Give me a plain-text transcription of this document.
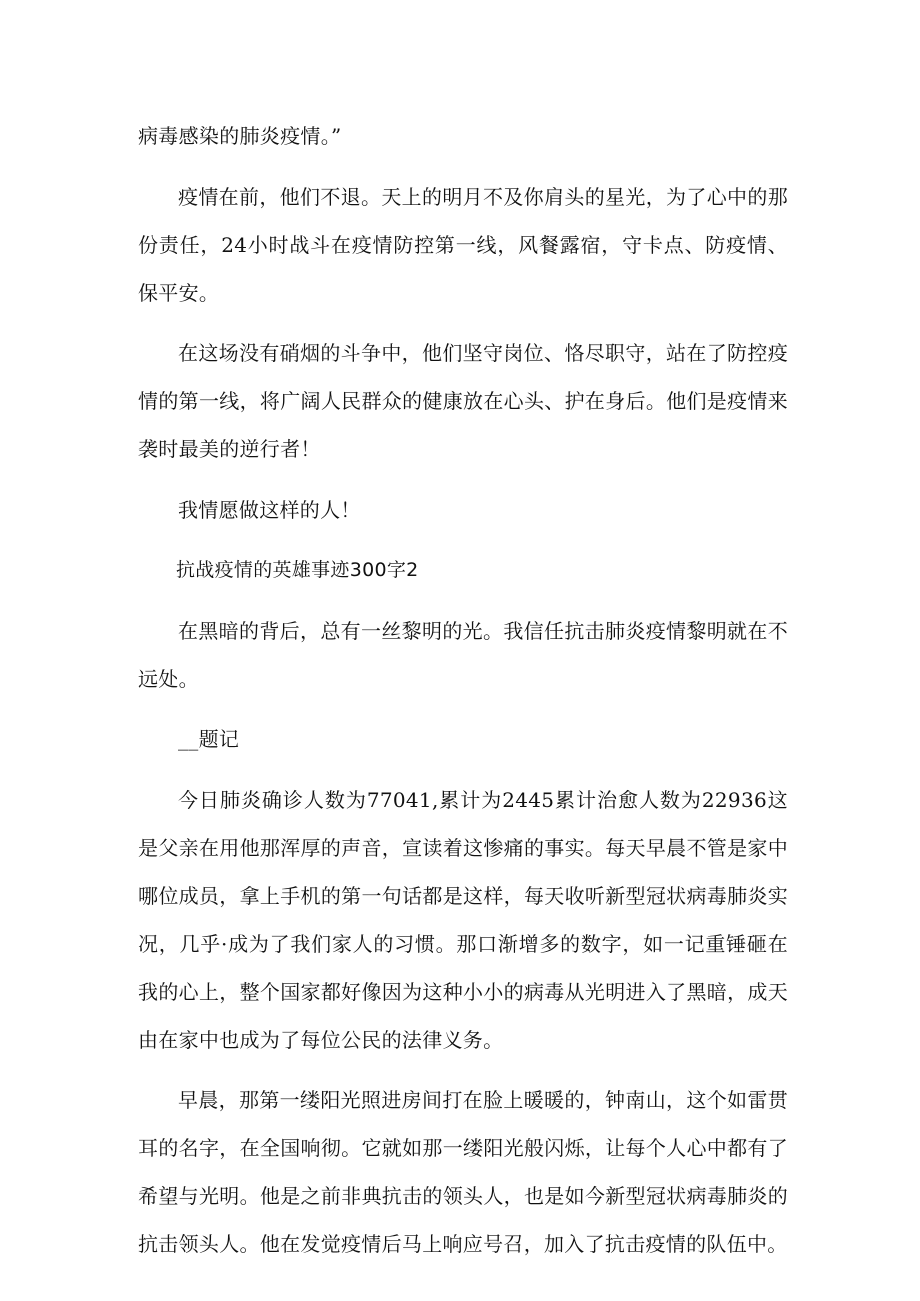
病毒感染的肺炎疫情。”

疫情在前，他们不退。天上的明月不及你肩头的星光，为了心中的那份责任，24小时战斗在疫情防控第一线，风餐露宿，守卡点、防疫情、保平安。

在这场没有硝烟的斗争中，他们坚守岗位、恪尽职守，站在了防控疫情的第一线，将广阔人民群众的健康放在心头、护在身后。他们是疫情来袭时最美的逆行者！

我情愿做这样的人！

抗战疫情的英雄事迹300字2

在黑暗的背后，总有一丝黎明的光。我信任抗击肺炎疫情黎明就在不远处。

__题记

今日肺炎确诊人数为77041,累计为2445累计治愈人数为22936这是父亲在用他那浑厚的声音，宣读着这惨痛的事实。每天早晨不管是家中哪位成员，拿上手机的第一句话都是这样，每天收听新型冠状病毒肺炎实况，几乎·成为了我们家人的习惯。那口渐增多的数字，如一记重锤砸在我的心上，整个国家都好像因为这种小小的病毒从光明进入了黑暗，成天由在家中也成为了每位公民的法律义务。

早晨，那第一缕阳光照进房间打在脸上暖暖的，钟南山，这个如雷贯耳的名字，在全国响彻。它就如那一缕阳光般闪烁，让每个人心中都有了希望与光明。他是之前非典抗击的领头人，也是如今新型冠状病毒肺炎的抗击领头人。他在发觉疫情后马上响应号召，加入了抗击疫情的队伍中。
